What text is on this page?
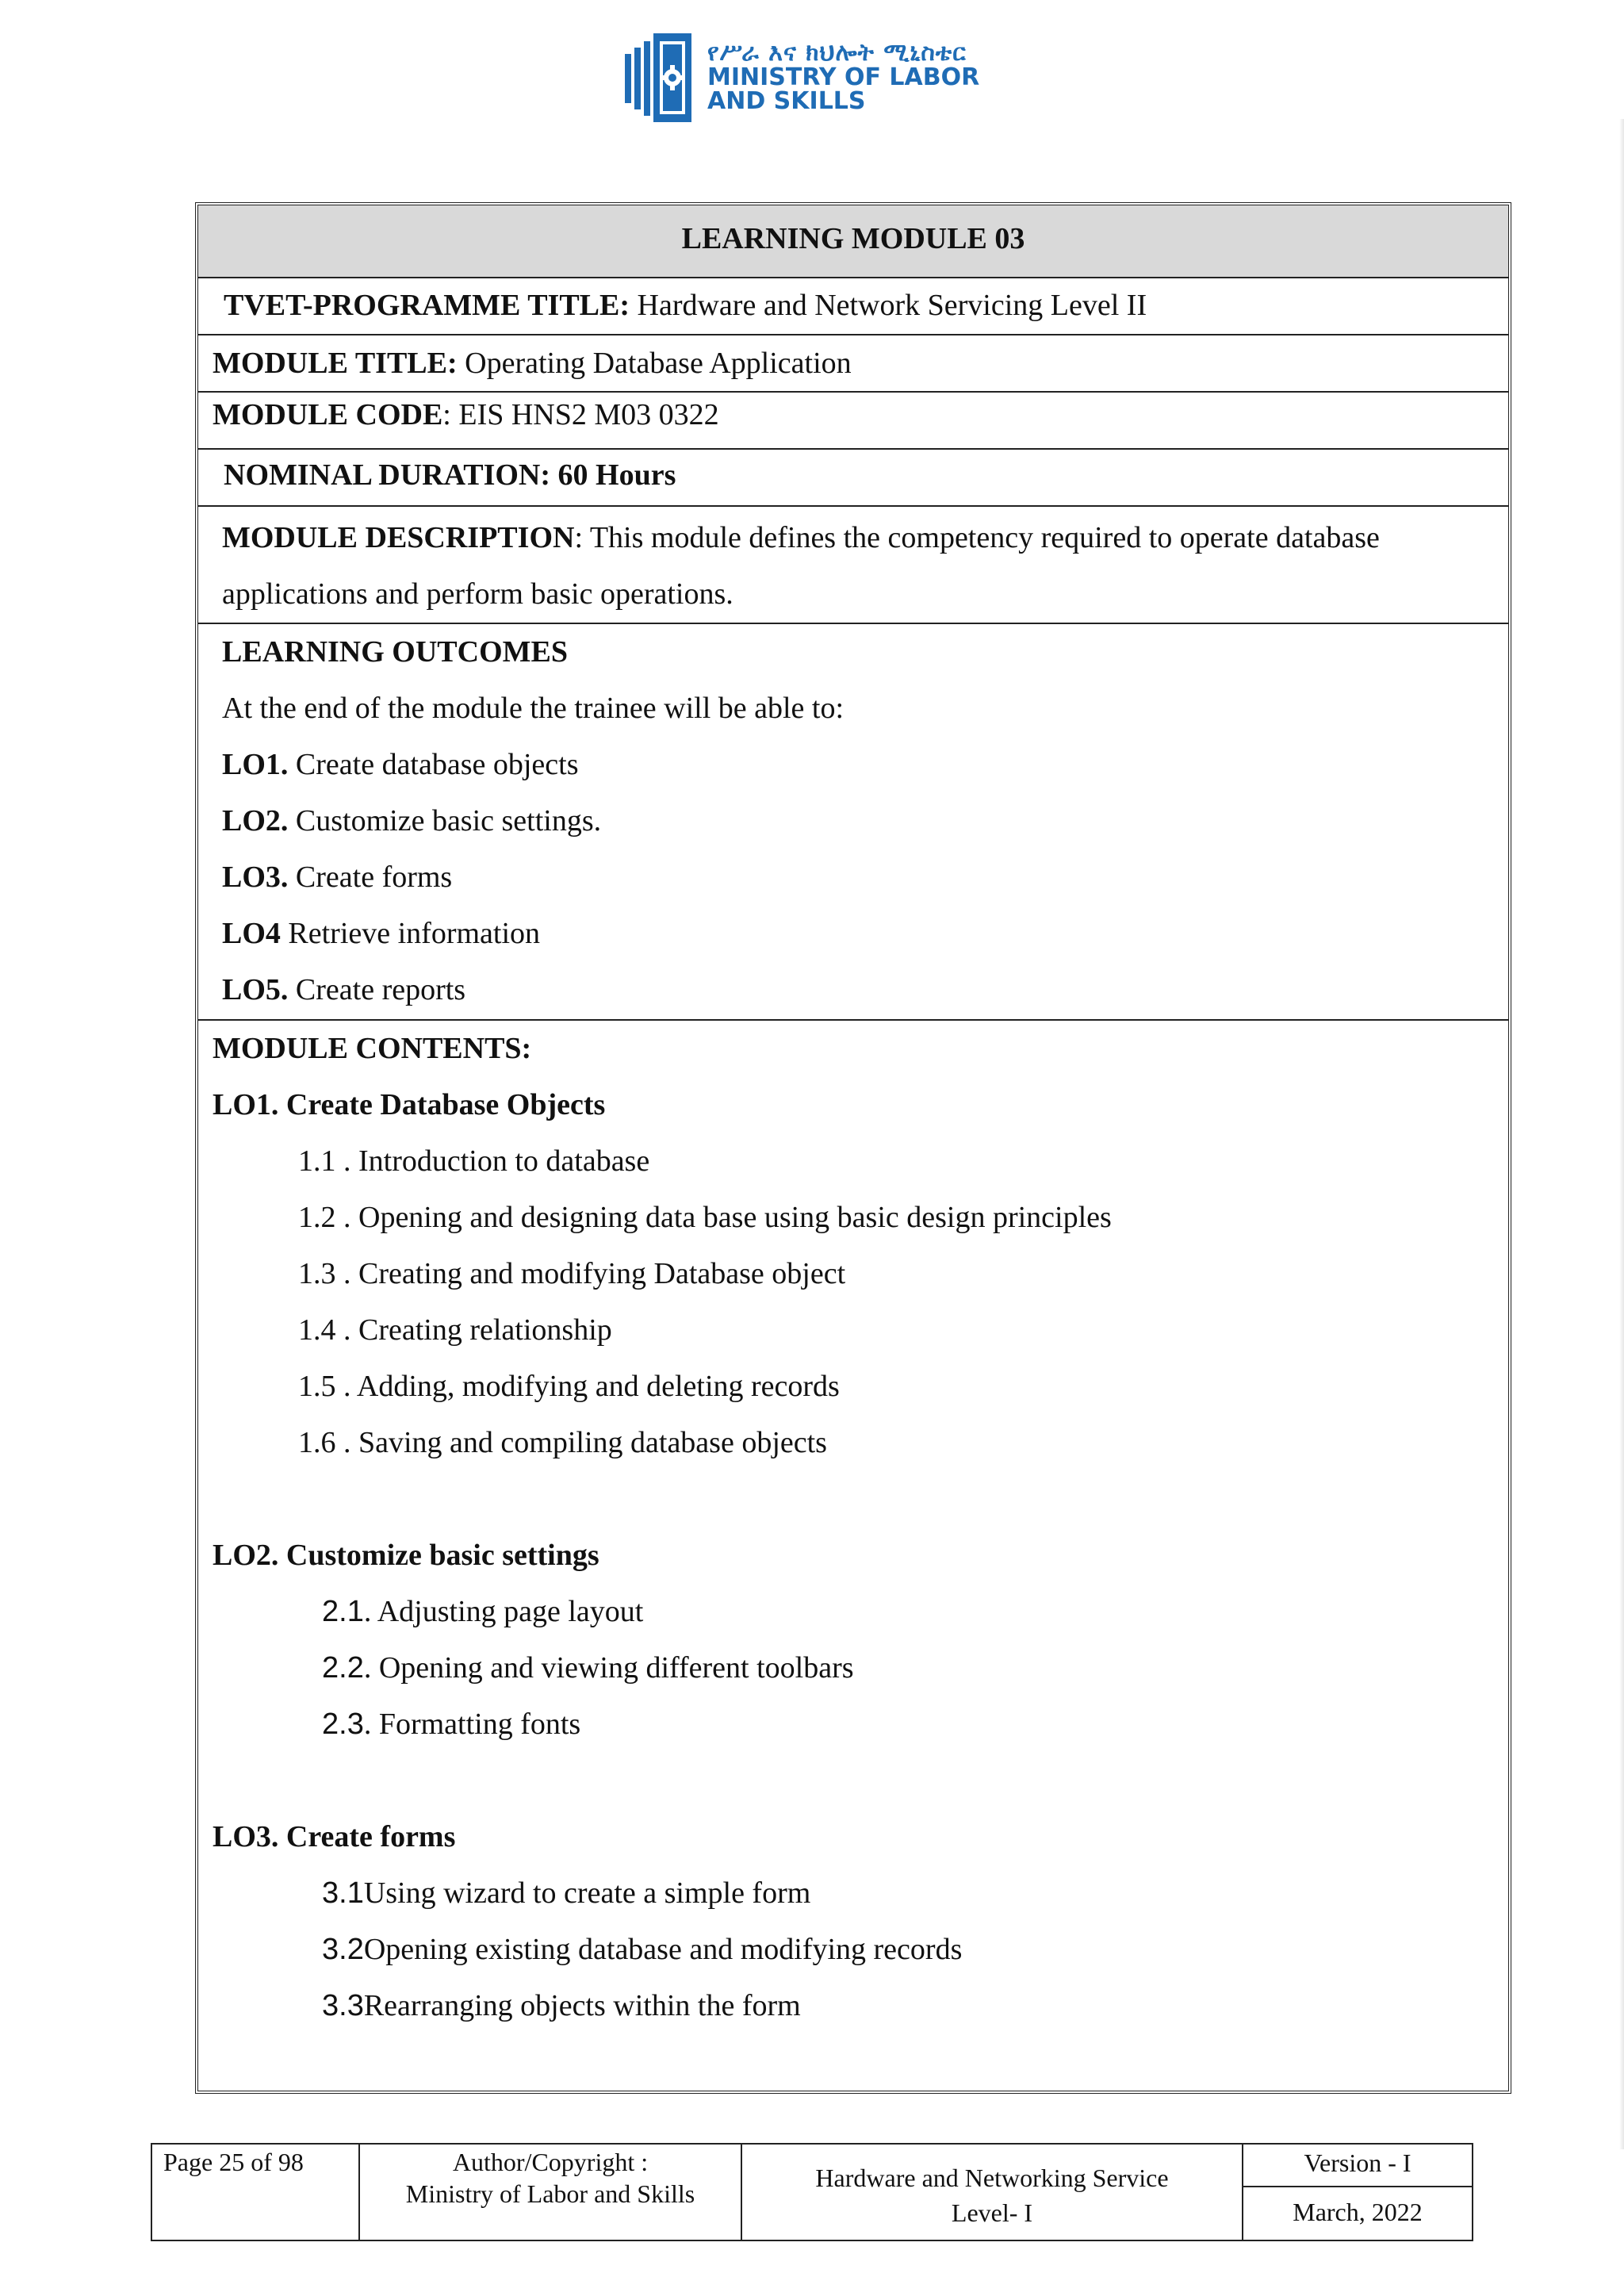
የሥራ እና ክህሎት ሚኒስቴር
MINISTRY OF LABOR
AND SKILLS
LEARNING MODULE 03
TVET-PROGRAMME TITLE: Hardware and Network Servicing Level II
MODULE TITLE: Operating Database Application
MODULE CODE: EIS HNS2 M03 0322
NOMINAL DURATION: 60 Hours
MODULE DESCRIPTION: This module defines the competency required to operate database
applications and perform basic operations.
LEARNING OUTCOMES
At the end of the module the trainee will be able to:
LO1. Create database objects
LO2. Customize basic settings.
LO3. Create forms
LO4 Retrieve information
LO5. Create reports
MODULE CONTENTS:
LO1. Create Database Objects
1.1 . Introduction to database
1.2 . Opening and designing data base using basic design principles
1.3 . Creating and modifying Database object
1.4 . Creating relationship
1.5 . Adding, modifying and deleting records
1.6 . Saving and compiling database objects
LO2. Customize basic settings
2.1. Adjusting page layout
2.2. Opening and viewing different toolbars
2.3. Formatting fonts
LO3. Create forms
3.1Using wizard to create a simple form
3.2Opening existing database and modifying records
3.3Rearranging objects within the form
Page 25 of 98	Author/Copyright :
Ministry of Labor and Skills
Hardware and Networking Service
Level- I
Version - I
March, 2022
